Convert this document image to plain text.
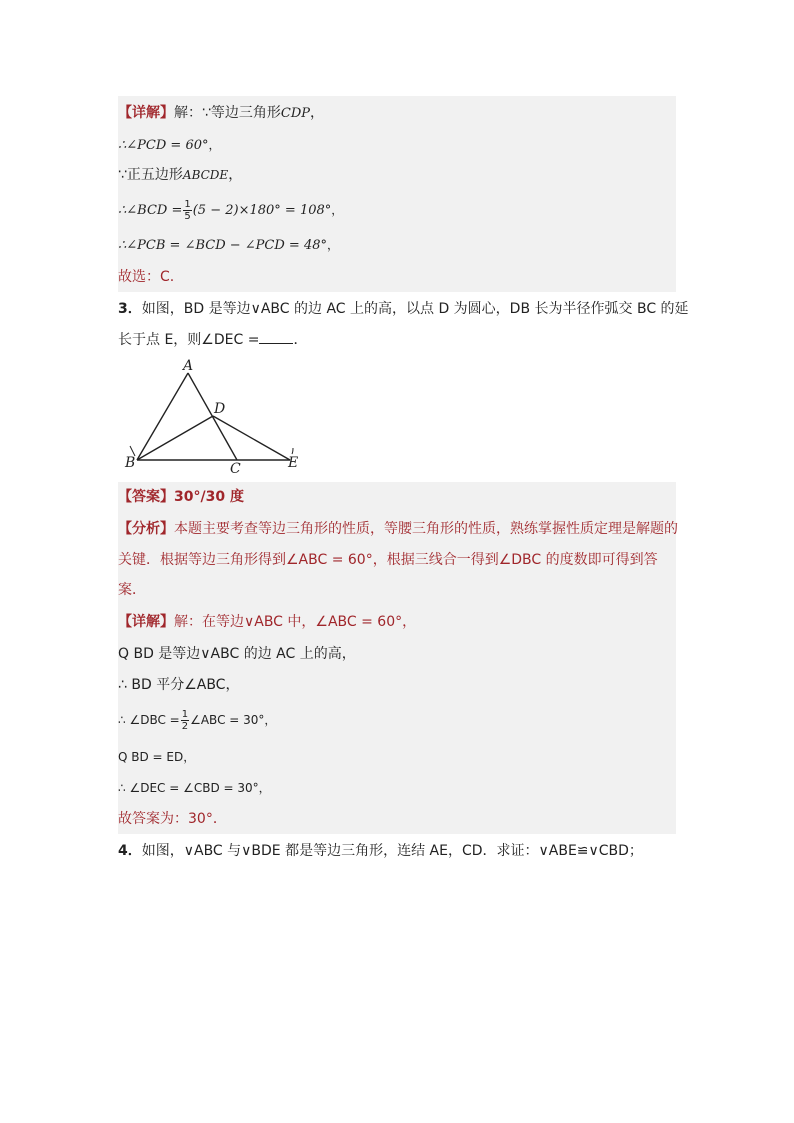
【详解】解：∵等边三角形CDP，
∴∠PCD = 60°，
∵正五边形ABCDE，
∴∠BCD = $\frac{1}{5} (5 - 2)\times 180^\circ = 108^\circ$，
∴∠PCB = ∠BCD − ∠PCD = 48°，
故选：C.
3．如图，BD 是等边∨ABC 的边 AC 上的高，以点 D 为圆心，DB 长为半径作弧交 BC 的延
长于点 E，则∠DEC = ．
A
D
B	C	E
【答案】30°/30 度
【分析】本题主要考查等边三角形的性质，等腰三角形的性质，熟练掌握性质定理是解题的
关键．根据等边三角形得到∠ABC = 60°，根据三线合一得到∠DBC 的度数即可得到答
案．
【详解】解：在等边∨ABC 中，∠ABC = 60°，
Q BD 是等边∨ABC 的边 AC 上的高，
∴ BD 平分∠ABC，
∴ ∠DBC = $\frac{1}{2}$ ∠ABC = 30°，
Q BD = ED，
∴ ∠DEC = ∠CBD = 30°，
故答案为：30°．
4．如图，∨ABC 与∨BDE 都是等边三角形，连结 AE，CD．求证：∨ABE≌∨CBD；
